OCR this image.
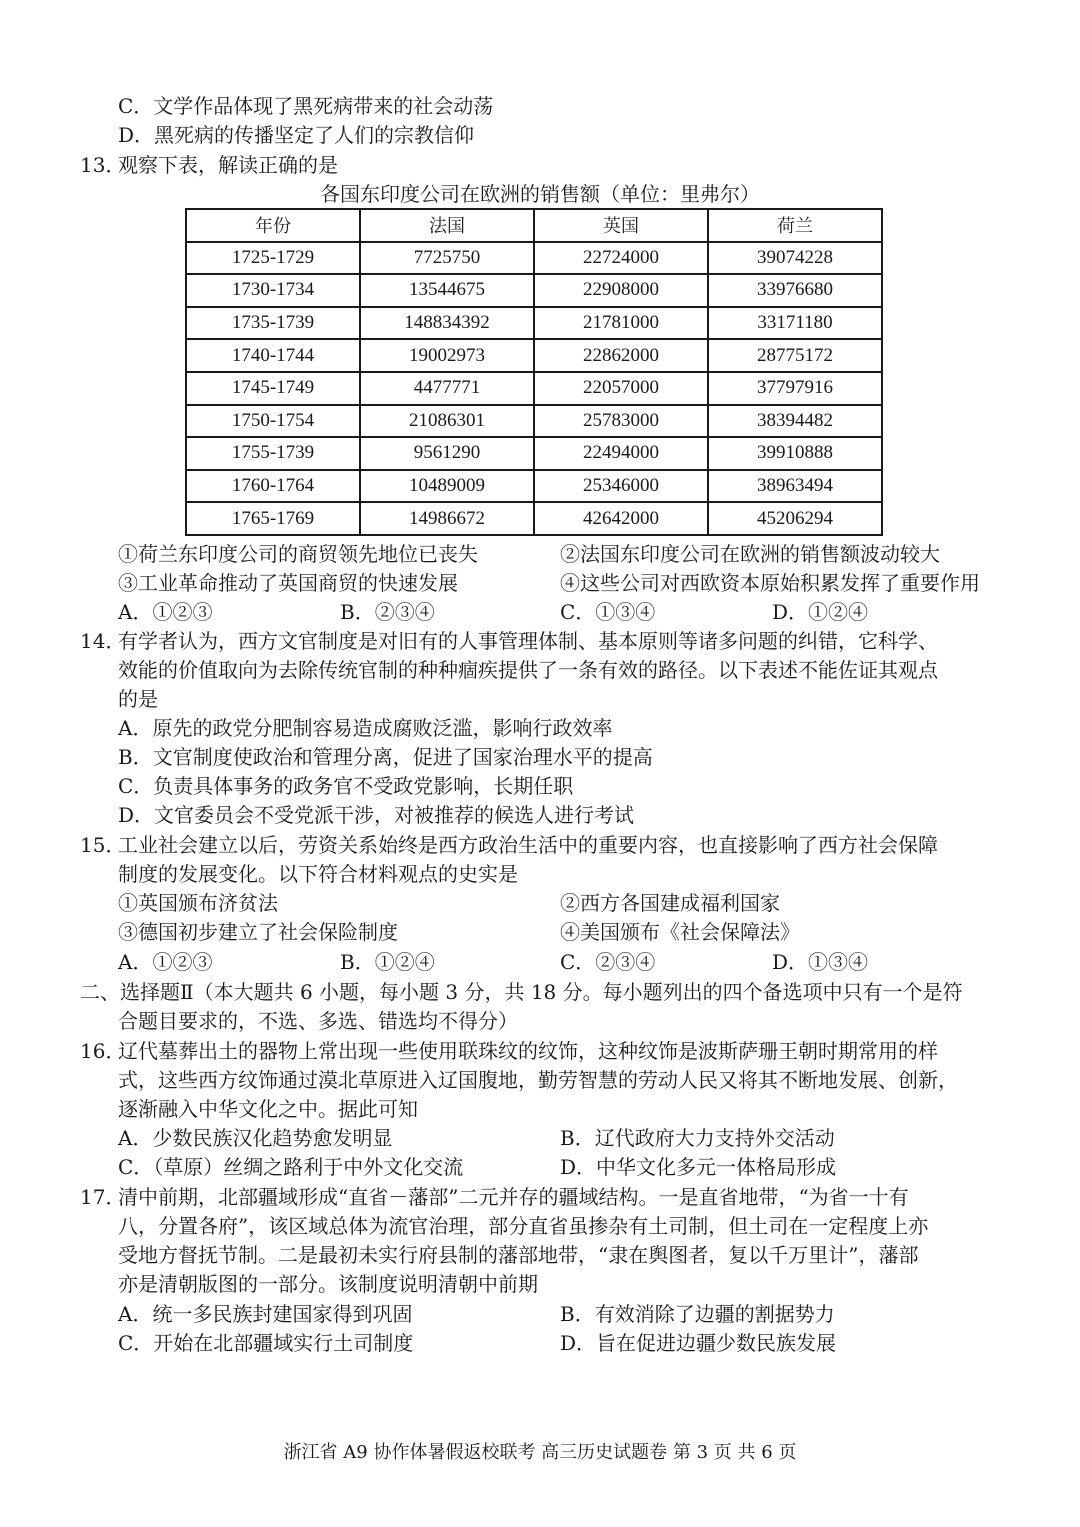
C．文学作品体现了黑死病带来的社会动荡
D．黑死病的传播坚定了人们的宗教信仰
13．
观察下表，解读正确的是
各国东印度公司在欧洲的销售额（单位：里弗尔）
年份	法国	英国	荷兰
1725-1729	7725750	22724000	39074228
1730-1734	13544675	22908000	33976680
1735-1739	148834392	21781000	33171180
1740-1744	19002973	22862000	28775172
1745-1749	4477771	22057000	37797916
1750-1754	21086301	25783000	38394482
1755-1739	9561290	22494000	39910888
1760-1764	10489009	25346000	38963494
1765-1769	14986672	42642000	45206294
①荷兰东印度公司的商贸领先地位已丧失	②法国东印度公司在欧洲的销售额波动较大
③工业革命推动了英国商贸的快速发展	④这些公司对西欧资本原始积累发挥了重要作用
A．①②③	B．②③④	C．①③④	D．①②④
14．
有学者认为，西方文官制度是对旧有的人事管理体制、基本原则等诸多问题的纠错，它科学、
效能的价值取向为去除传统官制的种种痼疾提供了一条有效的路径。以下表述不能佐证其观点
的是
A．原先的政党分肥制容易造成腐败泛滥，影响行政效率
B．文官制度使政治和管理分离，促进了国家治理水平的提高
C．负责具体事务的政务官不受政党影响，长期任职
D．文官委员会不受党派干涉，对被推荐的候选人进行考试
15．
工业社会建立以后，劳资关系始终是西方政治生活中的重要内容，也直接影响了西方社会保障
制度的发展变化。以下符合材料观点的史实是
①英国颁布济贫法	②西方各国建成福利国家
③德国初步建立了社会保险制度	④美国颁布《社会保障法》
A．①②③	B．①②④	C．②③④	D．①③④
二、选择题Ⅱ（本大题共 6 小题，每小题 3 分，共 18 分。每小题列出的四个备选项中只有一个是符
合题目要求的，不选、多选、错选均不得分）
16．
辽代墓葬出土的器物上常出现一些使用联珠纹的纹饰，这种纹饰是波斯萨珊王朝时期常用的样
式，这些西方纹饰通过漠北草原进入辽国腹地，勤劳智慧的劳动人民又将其不断地发展、创新，
逐渐融入中华文化之中。据此可知
A．少数民族汉化趋势愈发明显	B．辽代政府大力支持外交活动
C．（草原）丝绸之路利于中外文化交流	D．中华文化多元一体格局形成
17．
清中前期，北部疆域形成“直省－藩部”二元并存的疆域结构。一是直省地带，“为省一十有
八，分置各府”，该区域总体为流官治理，部分直省虽掺杂有土司制，但土司在一定程度上亦
受地方督抚节制。二是最初未实行府县制的藩部地带，“隶在舆图者，复以千万里计”，藩部
亦是清朝版图的一部分。该制度说明清朝中前期
A．统一多民族封建国家得到巩固	B．有效消除了边疆的割据势力
C．开始在北部疆域实行土司制度	D．旨在促进边疆少数民族发展
浙江省 A9 协作体暑假返校联考 高三历史试题卷 第 3 页 共 6 页
